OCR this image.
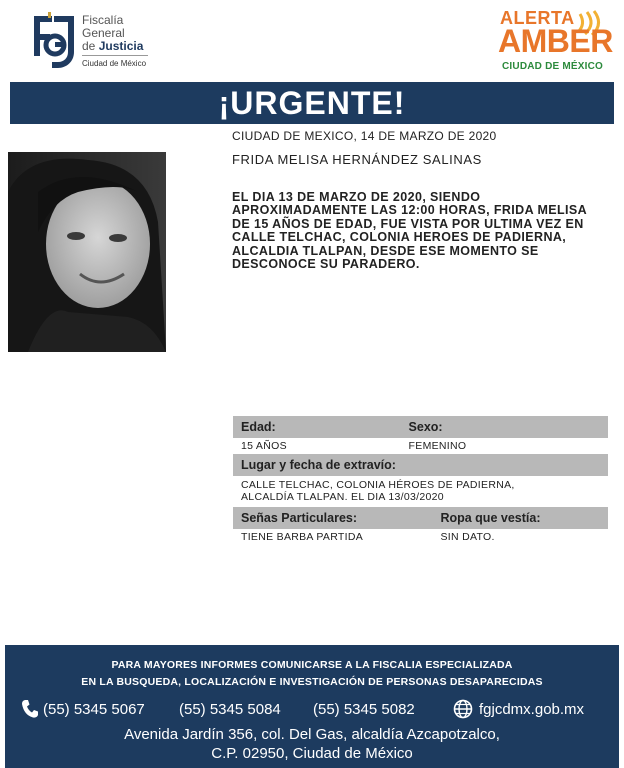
Fiscalía
General
de Justicia
Ciudad de México
ALERTA
AMBER
CIUDAD DE MÉXICO
¡URGENTE!
CIUDAD DE MEXICO, 14 DE MARZO DE 2020
FRIDA MELISA HERNÁNDEZ SALINAS
EL DIA 13 DE MARZO DE 2020, SIENDO
APROXIMADAMENTE LAS 12:00 HORAS, FRIDA MELISA
DE 15 AÑOS DE EDAD, FUE VISTA POR ULTIMA VEZ EN
CALLE TELCHAC, COLONIA HEROES DE PADIERNA,
ALCALDIA TLALPAN, DESDE ESE MOMENTO SE
DESCONOCE SU PARADERO.
Edad:	Sexo:
15 AÑOS	FEMENINO
Lugar y fecha de extravío:
CALLE TELCHAC, COLONIA HÉROES DE PADIERNA,
ALCALDÍA TLALPAN. EL DIA 13/03/2020
Señas Particulares:	Ropa que vestía:
TIENE BARBA PARTIDA	SIN DATO.
PARA MAYORES INFORMES COMUNICARSE A LA FISCALIA ESPECIALIZADA
EN LA BUSQUEDA, LOCALIZACIÓN E INVESTIGACIÓN DE PERSONAS DESAPARECIDAS
(55) 5345 5067 (55) 5345 5084 (55) 5345 5082	fgjcdmx.gob.mx
Avenida Jardín 356, col. Del Gas, alcaldía Azcapotzalco,
C.P. 02950, Ciudad de México
